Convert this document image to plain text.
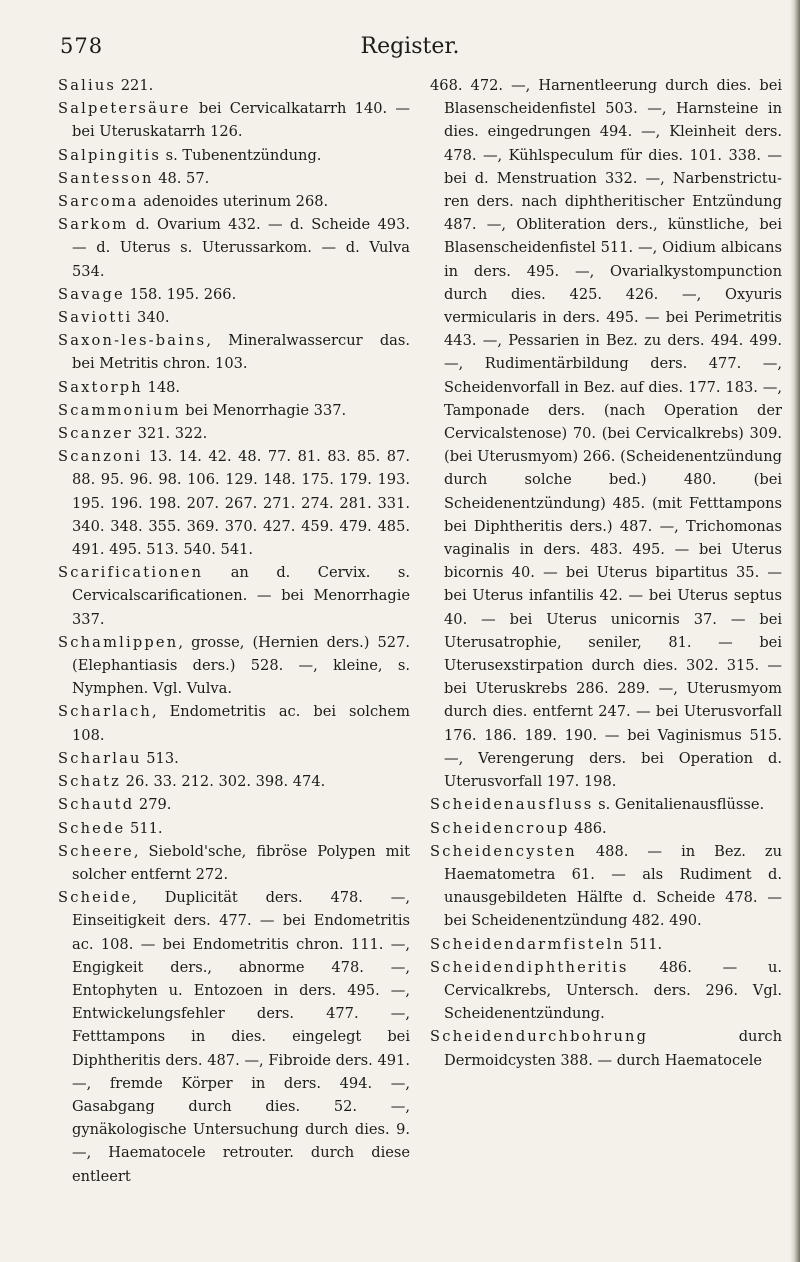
578	Register.

Salius 221.

Salpetersäure bei Cervicalkatarrh 140. — bei Uteruskatarrh 126.

Salpingitis s. Tubenentzündung.

Santesson 48. 57.

Sarcoma adenoides uterinum 268.

Sarkom d. Ovarium 432. — d. Scheide 493. — d. Uterus s. Uterussarkom. — d. Vulva 534.

Savage 158. 195. 266.

Saviotti 340.

Saxon-les-bains, Mineralwassercur das. bei Metritis chron. 103.

Saxtorph 148.

Scammonium bei Menorrhagie 337.

Scanzer 321. 322.

Scanzoni 13. 14. 42. 48. 77. 81. 83. 85. 87. 88. 95. 96. 98. 106. 129. 148. 175. 179. 193. 195. 196. 198. 207. 267. 271. 274. 281. 331. 340. 348. 355. 369. 370. 427. 459. 479. 485. 491. 495. 513. 540. 541.

Scarificationen an d. Cervix. s. Cervicalscarificationen. — bei Menorrhagie 337.

Schamlippen, grosse, (Hernien ders.) 527. (Elephantiasis ders.) 528. —, kleine, s. Nymphen. Vgl. Vulva.

Scharlach, Endometritis ac. bei solchem 108.

Scharlau 513.

Schatz 26. 33. 212. 302. 398. 474.

Schautd 279.

Schede 511.

Scheere, Siebold'sche, fibröse Polypen mit solcher entfernt 272.

Scheide, Duplicität ders. 478. —, Einseitigkeit ders. 477. — bei Endometritis ac. 108. — bei Endometritis chron. 111. —, Engigkeit ders., abnorme 478. —, Entophyten u. Entozoen in ders. 495. —, Entwickelungsfehler ders. 477. —, Fetttampons in dies. eingelegt bei Diphtheritis ders. 487. —, Fibroide ders. 491. —, fremde Körper in ders. 494. —, Gasabgang durch dies. 52. —, gynäkologische Untersuchung durch dies. 9. —, Haematocele retrouter. durch diese entleert

468. 472. —, Harnentleerung durch dies. bei Blasenscheidenfistel 503. —, Harnsteine in dies. eingedrungen 494. —, Kleinheit ders. 478. —, Kühlspeculum für dies. 101. 338. — bei d. Menstruation 332. —, Narbenstrictu-ren ders. nach diphtheritischer Entzündung 487. —, Obliteration ders., künstliche, bei Blasenscheidenfistel 511. —, Oidium albicans in ders. 495. —, Ovarialkystompunction durch dies. 425. 426. —, Oxyuris vermicularis in ders. 495. — bei Perimetritis 443. —, Pessarien in Bez. zu ders. 494. 499. —, Rudimentärbildung ders. 477. —, Scheidenvorfall in Bez. auf dies. 177. 183. —, Tamponade ders. (nach Operation der Cervicalstenose) 70. (bei Cervicalkrebs) 309. (bei Uterusmyom) 266. (Scheidenentzündung durch solche bed.) 480. (bei Scheidenentzündung) 485. (mit Fetttampons bei Diphtheritis ders.) 487. —, Trichomonas vaginalis in ders. 483. 495. — bei Uterus bicornis 40. — bei Uterus bipartitus 35. — bei Uterus infantilis 42. — bei Uterus septus 40. — bei Uterus unicornis 37. — bei Uterusatrophie, seniler, 81. — bei Uterusexstirpation durch dies. 302. 315. — bei Uteruskrebs 286. 289. —, Uterusmyom durch dies. entfernt 247. — bei Uterusvorfall 176. 186. 189. 190. — bei Vaginismus 515. —, Verengerung ders. bei Operation d. Uterusvorfall 197. 198.

Scheidenausfluss s. Genitalienausflüsse.

Scheidencroup 486.

Scheidencysten 488. — in Bez. zu Haematometra 61. — als Rudiment d. unausgebildeten Hälfte d. Scheide 478. — bei Scheidenentzündung 482. 490.

Scheidendarmfisteln 511.

Scheidendiphtheritis 486. — u. Cervicalkrebs, Untersch. ders. 296. Vgl. Scheidenentzündung.

Scheidendurchbohrung durch Dermoidcysten 388. — durch Haematocele
